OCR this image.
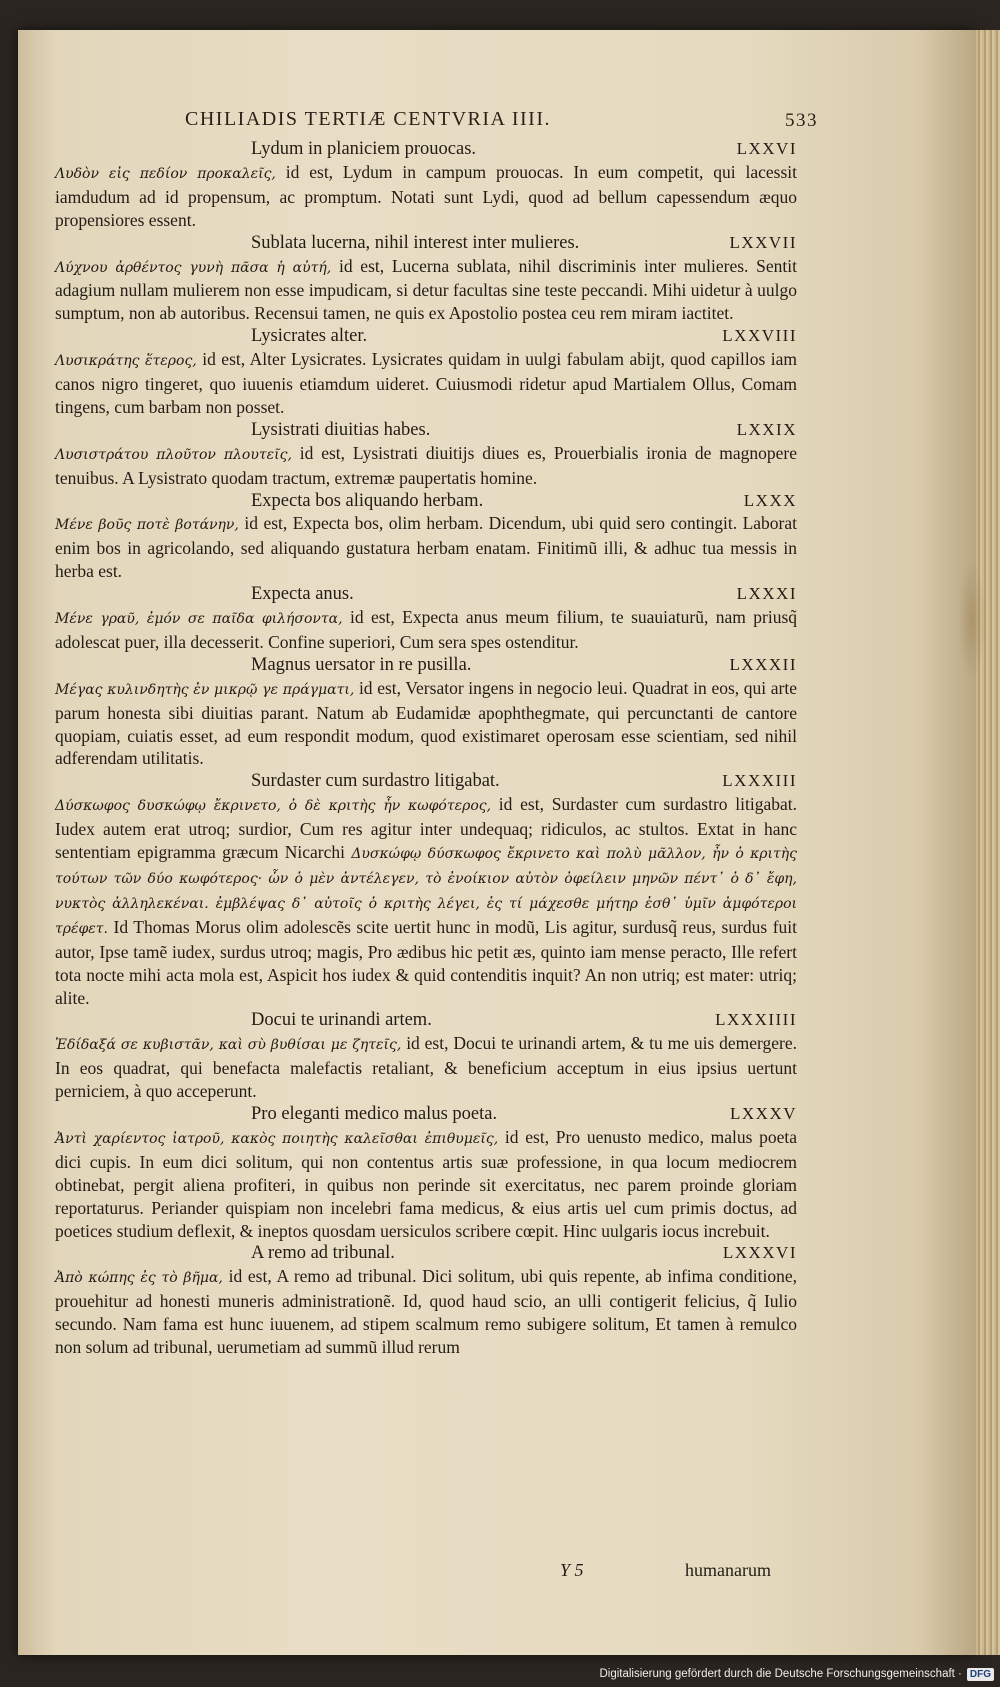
CHILIADIS TERTIÆ CENTVRIA IIII.	533
Lydum in planiciem prouocas.	LXXVI
Λυδὸν εἰς πεδίον προκαλεῖς, id est, Lydum in campum prouocas. In eum competit, qui lacessit iamdudum ad id propensum, ac promptum. Notati sunt Lydi, quod ad bellum capessendum æquo propensiores essent.
Sublata lucerna, nihil interest inter mulieres.	LXXVII
Λύχνου ἀρθέντος γυνὴ πᾶσα ἡ αὐτή, id est, Lucerna sublata, nihil discriminis inter mulieres. Sentit adagium nullam mulierem non esse impudicam, si detur facultas sine teste peccandi. Mihi uidetur à uulgo sumptum, non ab autoribus. Recensui tamen, ne quis ex Apostolio postea ceu rem miram iactitet.
Lysicrates alter.	LXXVIII
Λυσικράτης ἕτερος, id est, Alter Lysicrates. Lysicrates quidam in uulgi fabulam abijt, quod capillos iam canos nigro tingeret, quo iuuenis etiamdum uideret. Cuiusmodi ridetur apud Martialem Ollus, Comam tingens, cum barbam non posset.
Lysistrati diuitias habes.	LXXIX
Λυσιστράτου πλοῦτον πλουτεῖς, id est, Lysistrati diuitijs diues es, Prouerbialis ironia de magnopere tenuibus. A Lysistrato quodam tractum, extremæ paupertatis homine.
Expecta bos aliquando herbam.	LXXX
Μένε βοῦς ποτὲ βοτάνην, id est, Expecta bos, olim herbam. Dicendum, ubi quid sero contingit. Laborat enim bos in agricolando, sed aliquando gustatura herbam enatam. Finitimũ illi, & adhuc tua messis in herba est.
Expecta anus.	LXXXI
Μένε γραῦ, ἐμόν σε παῖδα φιλήσοντα, id est, Expecta anus meum filium, te suauiaturũ, nam priusq̃ adolescat puer, illa decesserit. Confine superiori, Cum sera spes ostenditur.
Magnus uersator in re pusilla.	LXXXII
Μέγας κυλινδητὴς ἐν μικρῷ γε πράγματι, id est, Versator ingens in negocio leui. Quadrat in eos, qui arte parum honesta sibi diuitias parant. Natum ab Eudamidæ apophthegmate, qui percunctanti de cantore quopiam, cuiatis esset, ad eum respondit modum, quod existimaret operosam esse scientiam, sed nihil adferendam utilitatis.
Surdaster cum surdastro litigabat.	LXXXIII
Δύσκωφος δυσκώφῳ ἔκρινετο, ὁ δὲ κριτὴς ἦν κωφότερος, id est, Surdaster cum surdastro litigabat. Iudex autem erat utroq; surdior, Cum res agitur inter undequaq; ridiculos, ac stultos. Extat in hanc sententiam epigramma græcum Nicarchi Δυσκώφῳ δύσκωφος ἔκρινετο καὶ πολὺ μᾶλλον, ἦν ὁ κριτὴς τούτων τῶν δύο κωφότερος· ὧν ὁ μὲν ἀντέλεγεν, τὸ ἐνοίκιον αὐτὸν ὀφείλειν μηνῶν πέντ᾽ ὁ δ᾽ ἔφη, νυκτὸς ἀλληλεκέναι. ἐμβλέψας δ᾽ αὐτοῖς ὁ κριτὴς λέγει, ἐς τί μάχεσθε μήτηρ ἐσθ᾽ ὑμῖν ἀμφότεροι τρέφετ. Id Thomas Morus olim adolescẽs scite uertit hunc in modũ, Lis agitur, surdusq̃ reus, surdus fuit autor, Ipse tamẽ iudex, surdus utroq; magis, Pro ædibus hic petit æs, quinto iam mense peracto, Ille refert tota nocte mihi acta mola est, Aspicit hos iudex & quid contenditis inquit? An non utriq; est mater: utriq; alite.
Docui te urinandi artem.	LXXXIIII
Ἐδίδαξά σε κυβιστᾶν, καὶ σὺ βυθίσαι με ζητεῖς, id est, Docui te urinandi artem, & tu me uis demergere. In eos quadrat, qui benefacta malefactis retaliant, & beneficium acceptum in eius ipsius uertunt perniciem, à quo acceperunt.
Pro eleganti medico malus poeta.	LXXXV
Ἀντὶ χαρίεντος ἰατροῦ, κακὸς ποιητὴς καλεῖσθαι ἐπιθυμεῖς, id est, Pro uenusto medico, malus poeta dici cupis. In eum dici solitum, qui non contentus artis suæ professione, in qua locum mediocrem obtinebat, pergit aliena profiteri, in quibus non perinde sit exercitatus, nec parem proinde gloriam reportaturus. Periander quispiam non incelebri fama medicus, & eius artis uel cum primis doctus, ad poetices studium deflexit, & ineptos quosdam uersiculos scribere cœpit. Hinc uulgaris iocus increbuit.
A remo ad tribunal.	LXXXVI
Ἀπὸ κώπης ἐς τὸ βῆμα, id est, A remo ad tribunal. Dici solitum, ubi quis repente, ab infima conditione, prouehitur ad honesti muneris administrationẽ. Id, quod haud scio, an ulli contigerit felicius, q̃ Iulio secundo. Nam fama est hunc iuuenem, ad stipem scalmum remo subigere solitum, Et tamen à remulco non solum ad tribunal, uerumetiam ad summũ illud rerum
Y 5	humanarum
Digitalisierung gefördert durch die Deutsche Forschungsgemeinschaft · DFG
